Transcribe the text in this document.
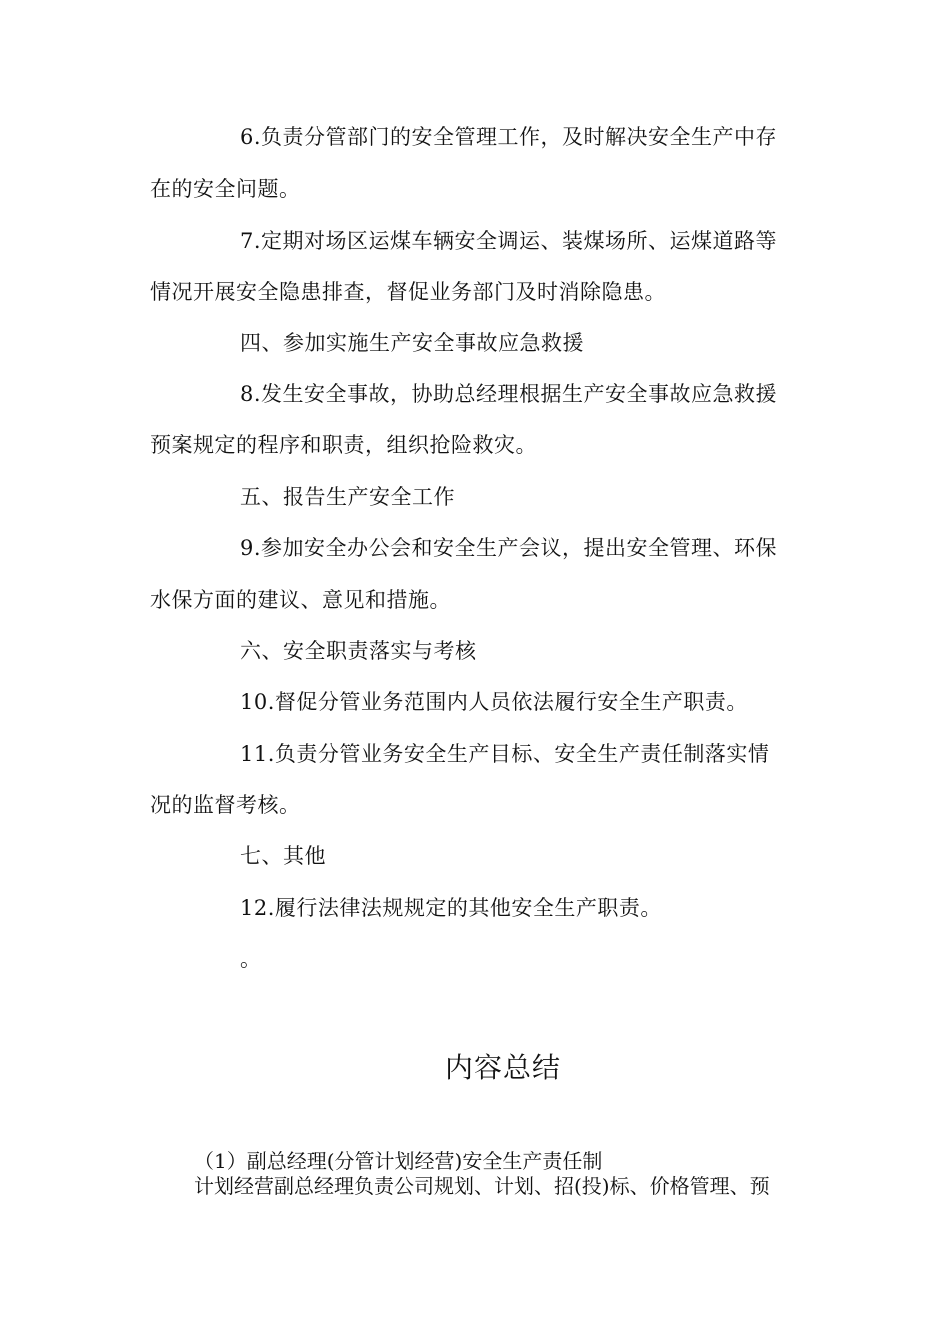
6.负责分管部门的安全管理工作，及时解决安全生产中存
在的安全问题。
7.定期对场区运煤车辆安全调运、装煤场所、运煤道路等
情况开展安全隐患排查，督促业务部门及时消除隐患。
四、参加实施生产安全事故应急救援
8.发生安全事故，协助总经理根据生产安全事故应急救援
预案规定的程序和职责，组织抢险救灾。
五、报告生产安全工作
9.参加安全办公会和安全生产会议，提出安全管理、环保
水保方面的建议、意见和措施。
六、安全职责落实与考核
10.督促分管业务范围内人员依法履行安全生产职责。
11.负责分管业务安全生产目标、安全生产责任制落实情
况的监督考核。
七、其他
12.履行法律法规规定的其他安全生产职责。
。
内容总结
（1）副总经理(分管计划经营)安全生产责任制
计划经营副总经理负责公司规划、计划、招(投)标、价格管理、预
